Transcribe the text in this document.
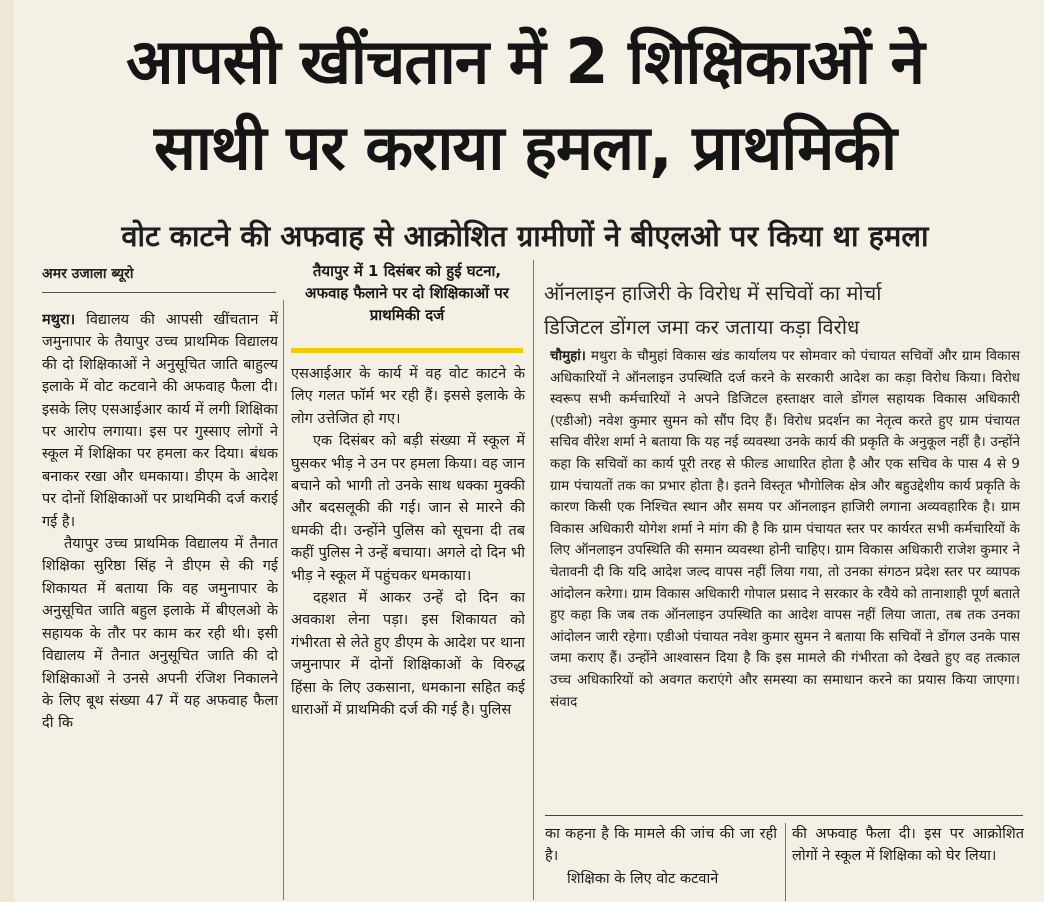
आपसी खींचतान में 2 शिक्षिकाओं ने
साथी पर कराया हमला, प्राथमिकी
वोट काटने की अफवाह से आक्रोशित ग्रामीणों ने बीएलओ पर किया था हमला
अमर उजाला ब्यूरो

मथुरा। विद्यालय की आपसी खींचतान में जमुनापार के तैयापुर उच्च प्राथमिक विद्यालय की दो शिक्षिकाओं ने अनुसूचित जाति बाहुल्य इलाके में वोट कटवाने की अफवाह फैला दी। इसके लिए एसआईआर कार्य में लगी शिक्षिका पर आरोप लगाया। इस पर गुस्साए लोगों ने स्कूल में शिक्षिका पर हमला कर दिया। बंधक बनाकर रखा और धमकाया। डीएम के आदेश पर दोनों शिक्षिकाओं पर प्राथमिकी दर्ज कराई गई है।

तैयापुर उच्च प्राथमिक विद्यालय में तैनात शिक्षिका सुरिष्ठा सिंह ने डीएम से की गई शिकायत में बताया कि वह जमुनापार के अनुसूचित जाति बहुल इलाके में बीएलओ के सहायक के तौर पर काम कर रही थी। इसी विद्यालय में तैनात अनुसूचित जाति की दो शिक्षिकाओं ने उनसे अपनी रंजिश निकालने के लिए बूथ संख्या 47 में यह अफवाह फैला दी कि

तैयापुर में 1 दिसंबर को हुई घटना, अफवाह फैलाने पर दो शिक्षिकाओं पर प्राथमिकी दर्ज

एसआईआर के कार्य में वह वोट काटने के लिए गलत फॉर्म भर रही हैं। इससे इलाके के लोग उत्तेजित हो गए।

एक दिसंबर को बड़ी संख्या में स्कूल में घुसकर भीड़ ने उन पर हमला किया। वह जान बचाने को भागी तो उनके साथ धक्का मुक्की और बदसलूकी की गई। जान से मारने की धमकी दी। उन्होंने पुलिस को सूचना दी तब कहीं पुलिस ने उन्हें बचाया। अगले दो दिन भी भीड़ ने स्कूल में पहुंचकर धमकाया।

दहशत में आकर उन्हें दो दिन का अवकाश लेना पड़ा। इस शिकायत को गंभीरता से लेते हुए डीएम के आदेश पर थाना जमुनापार में दोनों शिक्षिकाओं के विरुद्ध हिंसा के लिए उकसाना, धमकाना सहित कई धाराओं में प्राथमिकी दर्ज की गई है। पुलिस

ऑनलाइन हाजिरी के विरोध में सचिवों का मोर्चा
डिजिटल डोंगल जमा कर जताया कड़ा विरोध

चौमुहां। मथुरा के चौमुहां विकास खंड कार्यालय पर सोमवार को पंचायत सचिवों और ग्राम विकास अधिकारियों ने ऑनलाइन उपस्थिति दर्ज करने के सरकारी आदेश का कड़ा विरोध किया। विरोध स्वरूप सभी कर्मचारियों ने अपने डिजिटल हस्ताक्षर वाले डोंगल सहायक विकास अधिकारी (एडीओ) नवेश कुमार सुमन को सौंप दिए हैं। विरोध प्रदर्शन का नेतृत्व करते हुए ग्राम पंचायत सचिव वीरेश शर्मा ने बताया कि यह नई व्यवस्था उनके कार्य की प्रकृति के अनुकूल नहीं है। उन्होंने कहा कि सचिवों का कार्य पूरी तरह से फील्ड आधारित होता है और एक सचिव के पास 4 से 9 ग्राम पंचायतों तक का प्रभार होता है। इतने विस्तृत भौगोलिक क्षेत्र और बहुउद्देशीय कार्य प्रकृति के कारण किसी एक निश्चित स्थान और समय पर ऑनलाइन हाजिरी लगाना अव्यवहारिक है। ग्राम विकास अधिकारी योगेश शर्मा ने मांग की है कि ग्राम पंचायत स्तर पर कार्यरत सभी कर्मचारियों के लिए ऑनलाइन उपस्थिति की समान व्यवस्था होनी चाहिए। ग्राम विकास अधिकारी राजेश कुमार ने चेतावनी दी कि यदि आदेश जल्द वापस नहीं लिया गया, तो उनका संगठन प्रदेश स्तर पर व्यापक आंदोलन करेगा। ग्राम विकास अधिकारी गोपाल प्रसाद ने सरकार के रवैये को तानाशाही पूर्ण बताते हुए कहा कि जब तक ऑनलाइन उपस्थिति का आदेश वापस नहीं लिया जाता, तब तक उनका आंदोलन जारी रहेगा। एडीओ पंचायत नवेश कुमार सुमन ने बताया कि सचिवों ने डोंगल उनके पास जमा कराए हैं। उन्होंने आश्वासन दिया है कि इस मामले की गंभीरता को देखते हुए वह तत्काल उच्च अधिकारियों को अवगत कराएंगे और समस्या का समाधान करने का प्रयास किया जाएगा। संवाद

का कहना है कि मामले की जांच की जा रही है।

शिक्षिका के लिए वोट कटवाने

की अफवाह फैला दी। इस पर आक्रोशित लोगों ने स्कूल में शिक्षिका को घेर लिया।
